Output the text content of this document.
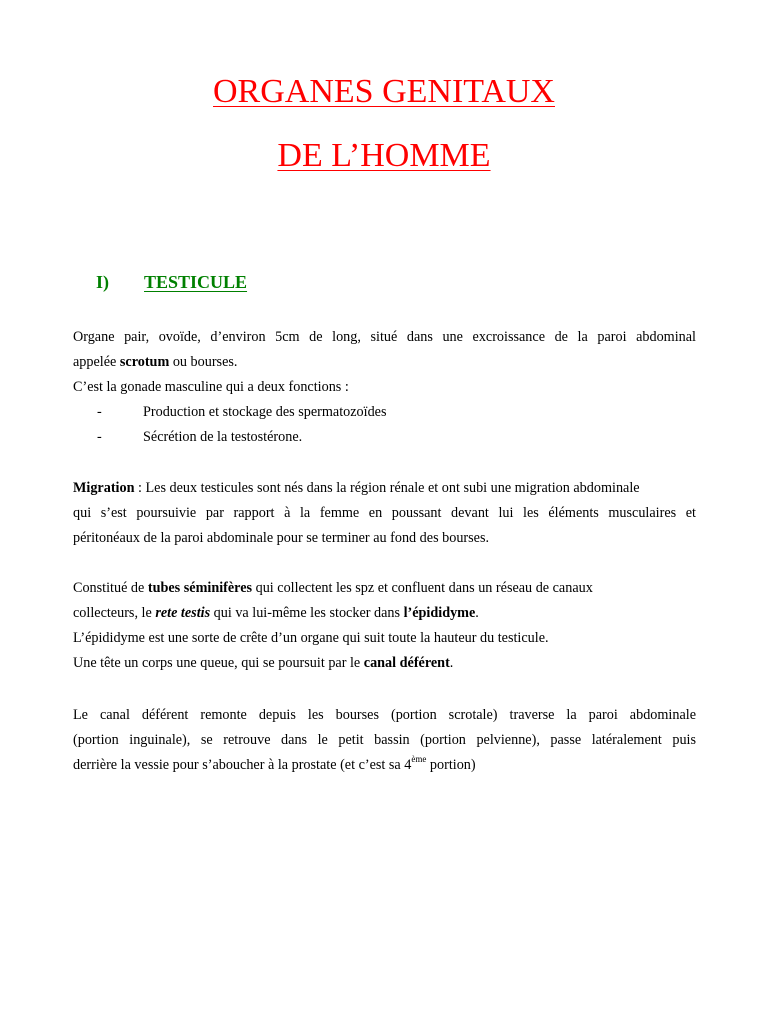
ORGANES GENITAUX
DE L’HOMME
I) TESTICULE
Organe pair, ovoïde, d’environ 5cm de long, situé dans une excroissance de la paroi abdominal
appelée scrotum ou bourses.
C’est la gonade masculine qui a deux fonctions :
-	Production et stockage des spermatozoïdes
-	Sécrétion de la testostérone.
Migration : Les deux testicules sont nés dans la région rénale et ont subi une migration abdominale
qui s’est poursuivie par rapport à la femme en poussant devant lui les éléments musculaires et
péritonéaux de la paroi abdominale pour se terminer au fond des bourses.
Constitué de tubes séminifères qui collectent les spz et confluent dans un réseau de canaux
collecteurs, le rete testis qui va lui-même les stocker dans l’épididyme.
L’épididyme est une sorte de crête d’un organe qui suit toute la hauteur du testicule.
Une tête un corps une queue, qui se poursuit par le canal déférent.
Le canal déférent remonte depuis les bourses (portion scrotale) traverse la paroi abdominale
(portion inguinale), se retrouve dans le petit bassin (portion pelvienne), passe latéralement puis
derrière la vessie pour s’aboucher à la prostate (et c’est sa 4ème portion)
